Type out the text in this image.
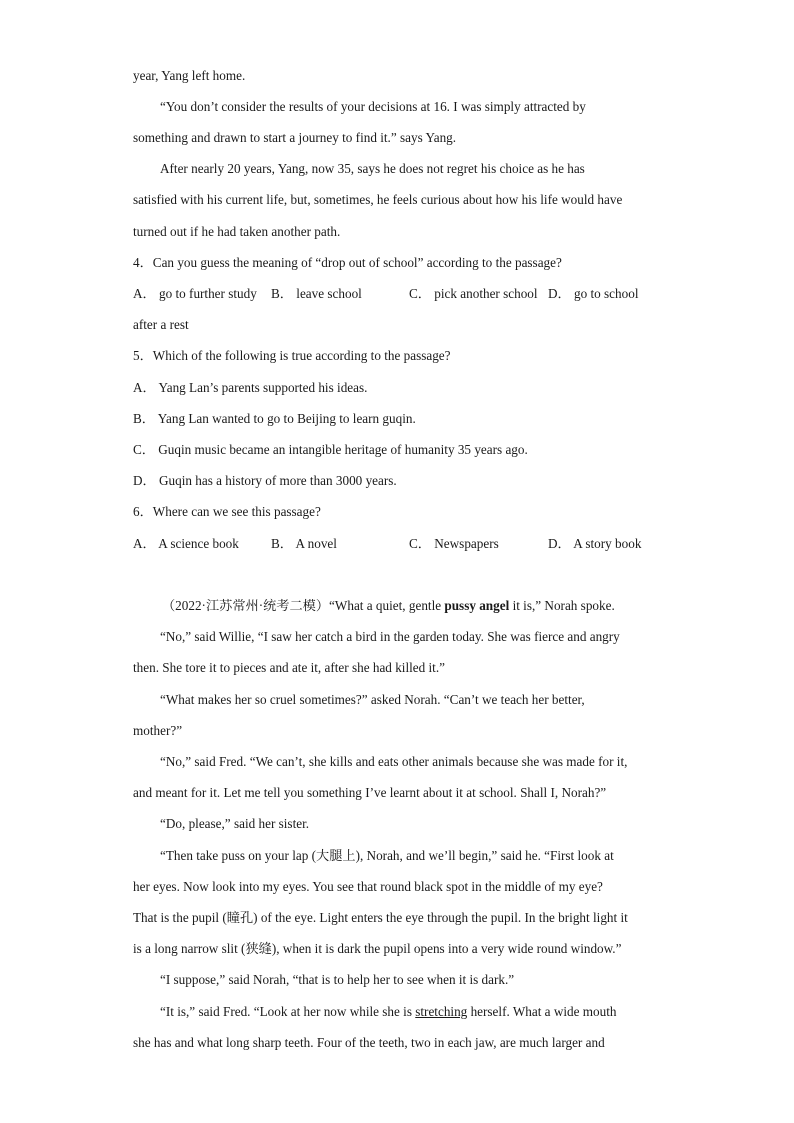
year, Yang left home.
“You don’t consider the results of your decisions at 16. I was simply attracted by
something and drawn to start a journey to find it.” says Yang.
After nearly 20 years, Yang, now 35, says he does not regret his choice as he has
satisfied with his current life, but, sometimes, he feels curious about how his life would have
turned out if he had taken another path.
4．Can you guess the meaning of “drop out of school” according to the passage?
A． go to further study B． leave school	C． pick another school D． go to school
after a rest
5．Which of the following is true according to the passage?
A． Yang Lan’s parents supported his ideas.
B． Yang Lan wanted to go to Beijing to learn guqin.
C． Guqin music became an intangible heritage of humanity 35 years ago.
D． Guqin has a history of more than 3000 years.
6．Where can we see this passage?
A． A science book B． A novel	C． Newspapers	D． A story book
（2022·江苏常州·统考二模）“What a quiet, gentle pussy angel it is,” Norah spoke.
“No,” said Willie, “I saw her catch a bird in the garden today. She was fierce and angry
then. She tore it to pieces and ate it, after she had killed it.”
“What makes her so cruel sometimes?” asked Norah. “Can’t we teach her better,
mother?”
“No,” said Fred. “We can’t, she kills and eats other animals because she was made for it,
and meant for it. Let me tell you something I’ve learnt about it at school. Shall I, Norah?”
“Do, please,” said her sister.
“Then take puss on your lap (大腿上), Norah, and we’ll begin,” said he. “First look at
her eyes. Now look into my eyes. You see that round black spot in the middle of my eye?
That is the pupil (瞳孔) of the eye. Light enters the eye through the pupil. In the bright light it
is a long narrow slit (狭缝), when it is dark the pupil opens into a very wide round window.”
“I suppose,” said Norah, “that is to help her to see when it is dark.”
“It is,” said Fred. “Look at her now while she is stretching herself. What a wide mouth
she has and what long sharp teeth. Four of the teeth, two in each jaw, are much larger and
